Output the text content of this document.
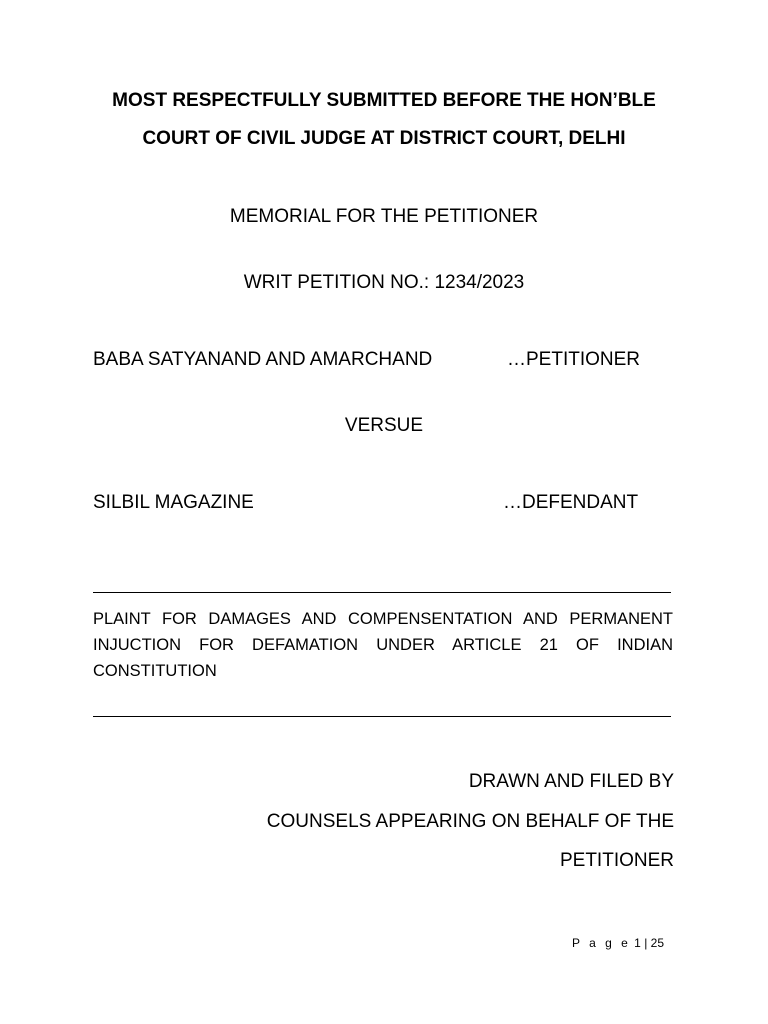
MOST RESPECTFULLY SUBMITTED BEFORE THE HON’BLE
COURT OF CIVIL JUDGE AT DISTRICT COURT, DELHI
MEMORIAL FOR THE PETITIONER
WRIT PETITION NO.: 1234/2023
BABA SATYANAND AND AMARCHAND	…PETITIONER
VERSUE
SILBIL MAGAZINE	…DEFENDANT
PLAINT FOR DAMAGES AND COMPENSENTATION AND PERMANENT
INJUCTION FOR DEFAMATION UNDER ARTICLE 21 OF INDIAN
CONSTITUTION
DRAWN AND FILED BY
COUNSELS APPEARING ON BEHALF OF THE
PETITIONER
P a g e 1 | 25
